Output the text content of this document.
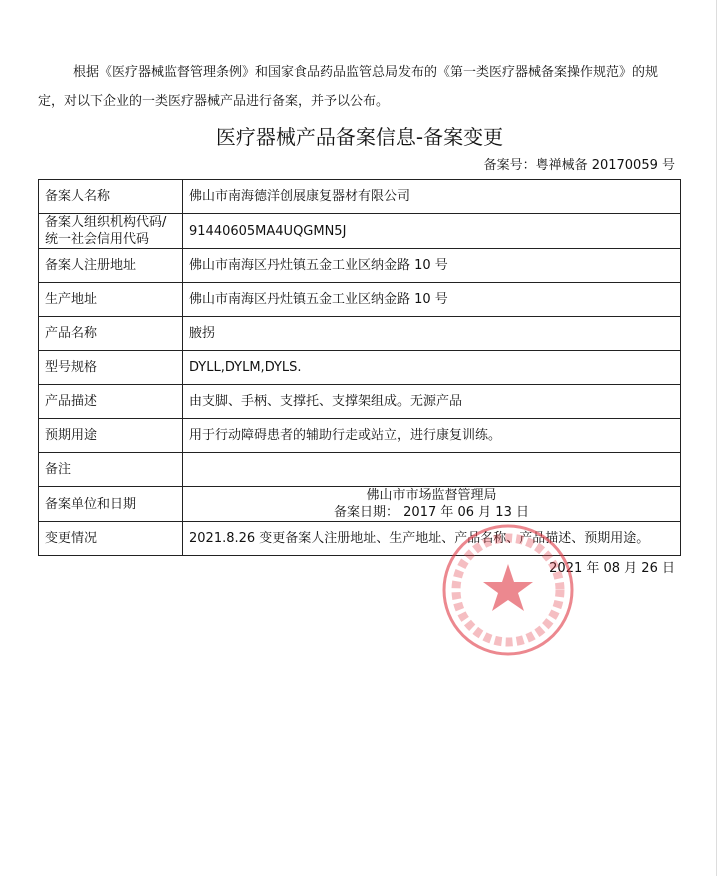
根据《医疗器械监督管理条例》和国家食品药品监管总局发布的《第一类医疗器械备案操作规范》的规定，对以下企业的一类医疗器械产品进行备案，并予以公布。
医疗器械产品备案信息-备案变更
备案号：粤禅械备 20170059 号
备案人名称	佛山市南海德洋创展康复器材有限公司
备案人组织机构代码/统一社会信用代码	91440605MA4UQGMN5J
备案人注册地址	佛山市南海区丹灶镇五金工业区纳金路 10 号
生产地址	佛山市南海区丹灶镇五金工业区纳金路 10 号
产品名称	腋拐
型号规格	DYLL,DYLM,DYLS.
产品描述	由支脚、手柄、支撑托、支撑架组成。无源产品
预期用途	用于行动障碍患者的辅助行走或站立，进行康复训练。
备注	
备案单位和日期	佛山市市场监督管理局
备案日期： 2017 年 06 月 13 日

变更情况	2021.8.26 变更备案人注册地址、生产地址、产品名称、产品描述、预期用途。
2021 年 08 月 26 日
